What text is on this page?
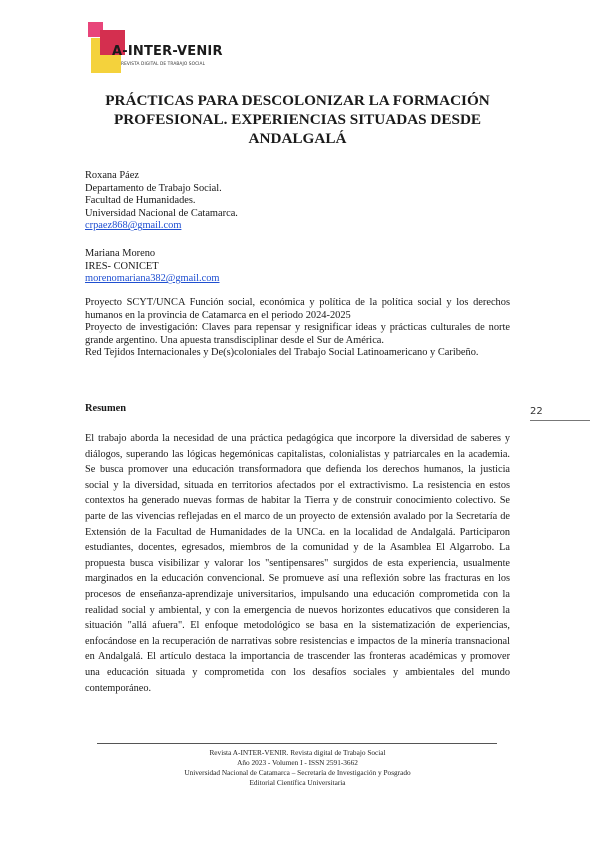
A-INTER-VENIR
REVISTA DIGITAL DE TRABAJO SOCIAL
PRÁCTICAS PARA DESCOLONIZAR LA FORMACIÓN
PROFESIONAL. EXPERIENCIAS SITUADAS DESDE
ANDALGALÁ
Roxana Páez
Departamento de Trabajo Social.
Facultad de Humanidades.
Universidad Nacional de Catamarca.
crpaez868@gmail.com
Mariana Moreno
IRES- CONICET
morenomariana382@gmail.com
Proyecto SCYT/UNCA Función social, económica y política de la política social y los derechos humanos en la provincia de Catamarca en el periodo 2024-2025
Proyecto de investigación: Claves para repensar y resignificar ideas y prácticas culturales de norte grande argentino. Una apuesta transdisciplinar desde el Sur de América.
Red Tejidos Internacionales y De(s)coloniales del Trabajo Social Latinoamericano y Caribeño.
Resumen
El trabajo aborda la necesidad de una práctica pedagógica que incorpore la diversidad de saberes y diálogos, superando las lógicas hegemónicas capitalistas, colonialistas y patriarcales en la academia. Se busca promover una educación transformadora que defienda los derechos humanos, la justicia social y la diversidad, situada en territorios afectados por el extractivismo. La resistencia en estos contextos ha generado nuevas formas de habitar la Tierra y de construir conocimiento colectivo. Se parte de las vivencias reflejadas en el marco de un proyecto de extensión avalado por la Secretaría de Extensión de la Facultad de Humanidades de la UNCa. en la localidad de Andalgalá. Participaron estudiantes, docentes, egresados, miembros de la comunidad y de la Asamblea El Algarrobo. La propuesta busca visibilizar y valorar los "sentipensares" surgidos de esta experiencia, usualmente marginados en la educación convencional. Se promueve así una reflexión sobre las fracturas en los procesos de enseñanza-aprendizaje universitarios, impulsando una educación comprometida con la realidad social y ambiental, y con la emergencia de nuevos horizontes educativos que consideren la situación "allá afuera". El enfoque metodológico se basa en la sistematización de experiencias, enfocándose en la recuperación de narrativas sobre resistencias e impactos de la minería transnacional en Andalgalá. El artículo destaca la importancia de trascender las fronteras académicas y promover una educación situada y comprometida con los desafíos sociales y ambientales del mundo contemporáneo.
22
Revista A-INTER-VENIR. Revista digital de Trabajo Social
Año 2023 - Volumen I - ISSN 2591-3662
Universidad Nacional de Catamarca – Secretaría de Investigación y Posgrado
Editorial Científica Universitaria
